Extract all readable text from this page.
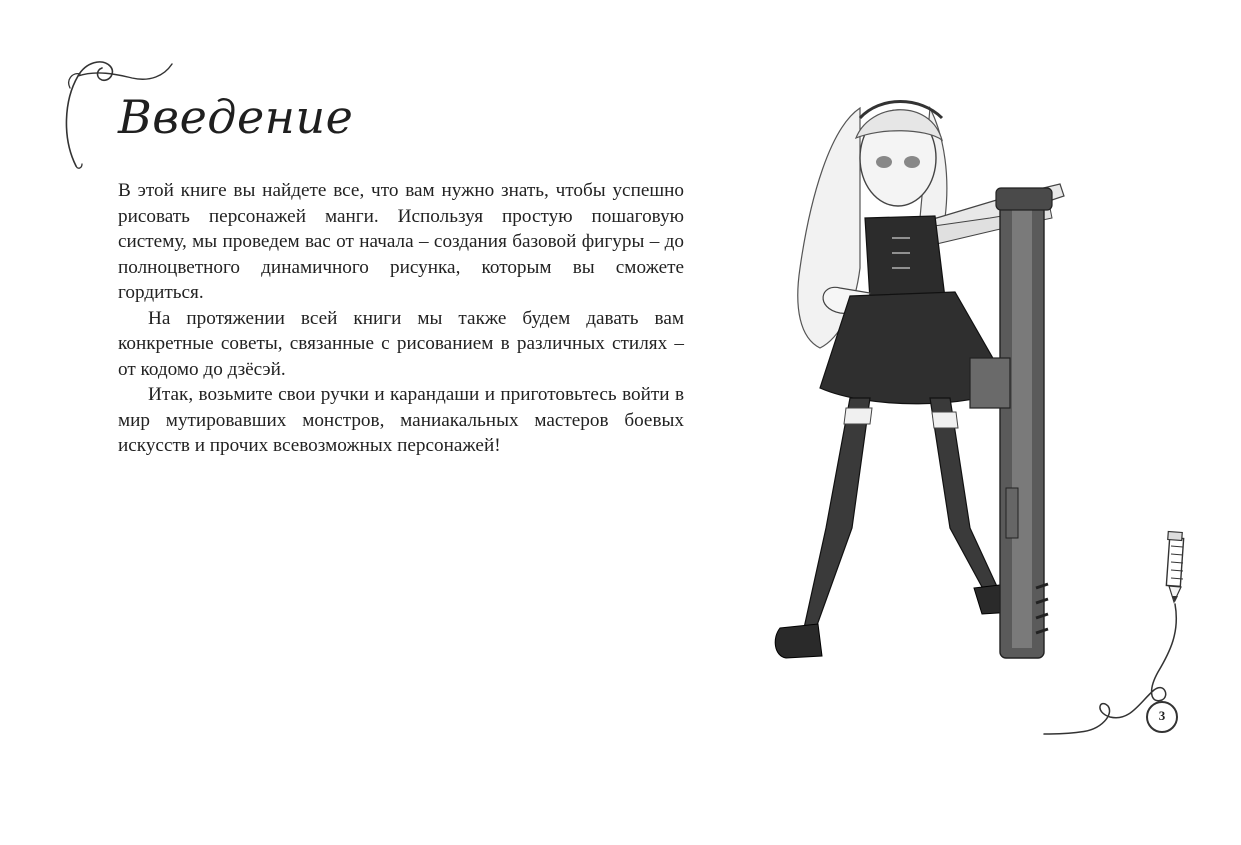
Введение

В этой книге вы найдете все, что вам нужно знать, чтобы успешно рисовать персонажей манги. Используя простую пошаговую систему, мы проведем вас от начала – создания базовой фигуры – до полноцветного динамичного рисунка, которым вы сможете гордиться.

На протяжении всей книги мы также будем давать вам конкретные советы, связанные с рисованием в различных стилях – от кодомо до дзёсэй.

Итак, возьмите свои ручки и карандаши и приготовьтесь войти в мир мутировавших монстров, маниакальных мастеров боевых искусств и прочих всевозможных персонажей!

3
